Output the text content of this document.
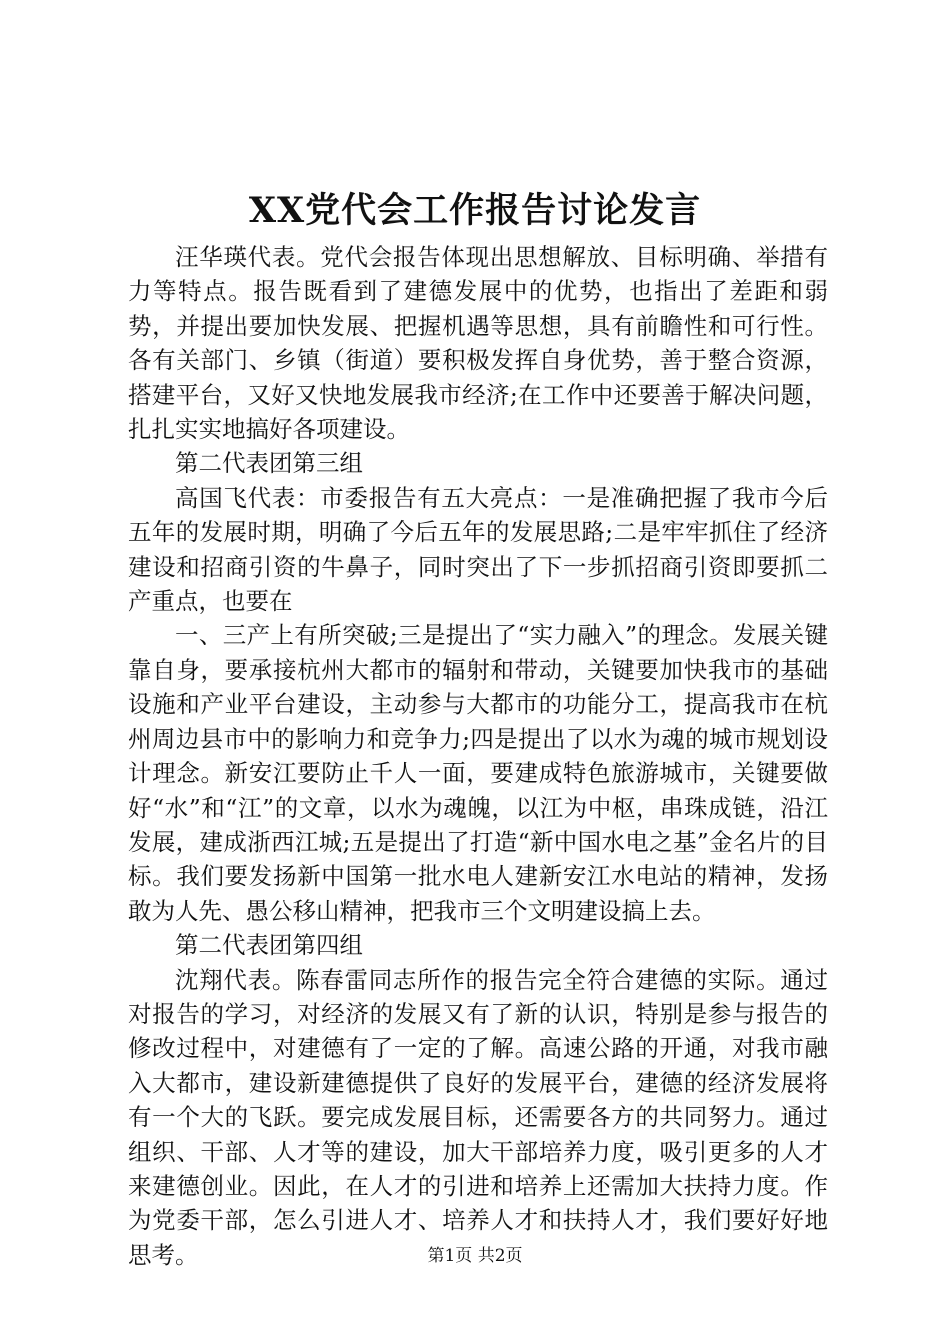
XX党代会工作报告讨论发言

汪华瑛代表。党代会报告体现出思想解放、目标明确、举措有力等特点。报告既看到了建德发展中的优势，也指出了差距和弱势，并提出要加快发展、把握机遇等思想，具有前瞻性和可行性。各有关部门、乡镇（街道）要积极发挥自身优势，善于整合资源，搭建平台，又好又快地发展我市经济;在工作中还要善于解决问题，扎扎实实地搞好各项建设。

第二代表团第三组

高国飞代表：市委报告有五大亮点：一是准确把握了我市今后五年的发展时期，明确了今后五年的发展思路;二是牢牢抓住了经济建设和招商引资的牛鼻子，同时突出了下一步抓招商引资即要抓二产重点，也要在

一、三产上有所突破;三是提出了“实力融入”的理念。发展关键靠自身，要承接杭州大都市的辐射和带动，关键要加快我市的基础设施和产业平台建设，主动参与大都市的功能分工，提高我市在杭州周边县市中的影响力和竞争力;四是提出了以水为魂的城市规划设计理念。新安江要防止千人一面，要建成特色旅游城市，关键要做好“水”和“江”的文章，以水为魂魄，以江为中枢，串珠成链，沿江发展，建成浙西江城;五是提出了打造“新中国水电之基”金名片的目标。我们要发扬新中国第一批水电人建新安江水电站的精神，发扬敢为人先、愚公移山精神，把我市三个文明建设搞上去。

第二代表团第四组

沈翔代表。陈春雷同志所作的报告完全符合建德的实际。通过对报告的学习，对经济的发展又有了新的认识，特别是参与报告的修改过程中，对建德有了一定的了解。高速公路的开通，对我市融入大都市，建设新建德提供了良好的发展平台，建德的经济发展将有一个大的飞跃。要完成发展目标，还需要各方的共同努力。通过组织、干部、人才等的建设，加大干部培养力度，吸引更多的人才来建德创业。因此，在人才的引进和培养上还需加大扶持力度。作为党委干部，怎么引进人才、培养人才和扶持人才，我们要好好地思考。	第1页 共2页
